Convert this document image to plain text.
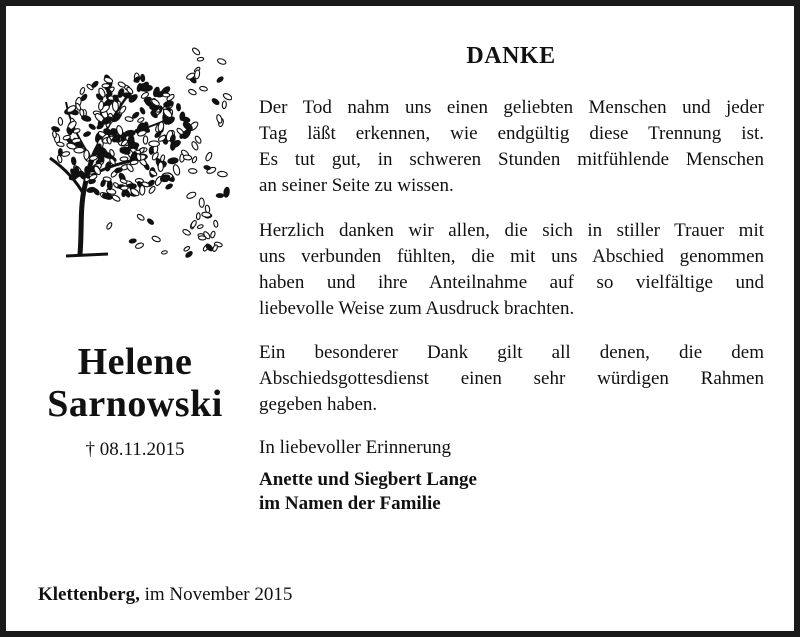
DANKE
Der Tod nahm uns einen geliebten Menschen und jeder
Tag läßt erkennen, wie endgültig diese Trennung ist.
Es tut gut, in schweren Stunden mitfühlende Menschen
an seiner Seite zu wissen.
Herzlich danken wir allen, die sich in stiller Trauer mit
uns verbunden fühlten, die mit uns Abschied genommen
haben und ihre Anteilnahme auf so vielfältige und
liebevolle Weise zum Ausdruck brachten.
Ein besonderer Dank gilt all denen, die dem
Abschiedsgottesdienst einen sehr würdigen Rahmen
gegeben haben.
Helene
Sarnowski
† 08.11.2015	In liebevoller Erinnerung
Anette und Siegbert Lange
im Namen der Familie
Klettenberg, im November 2015
